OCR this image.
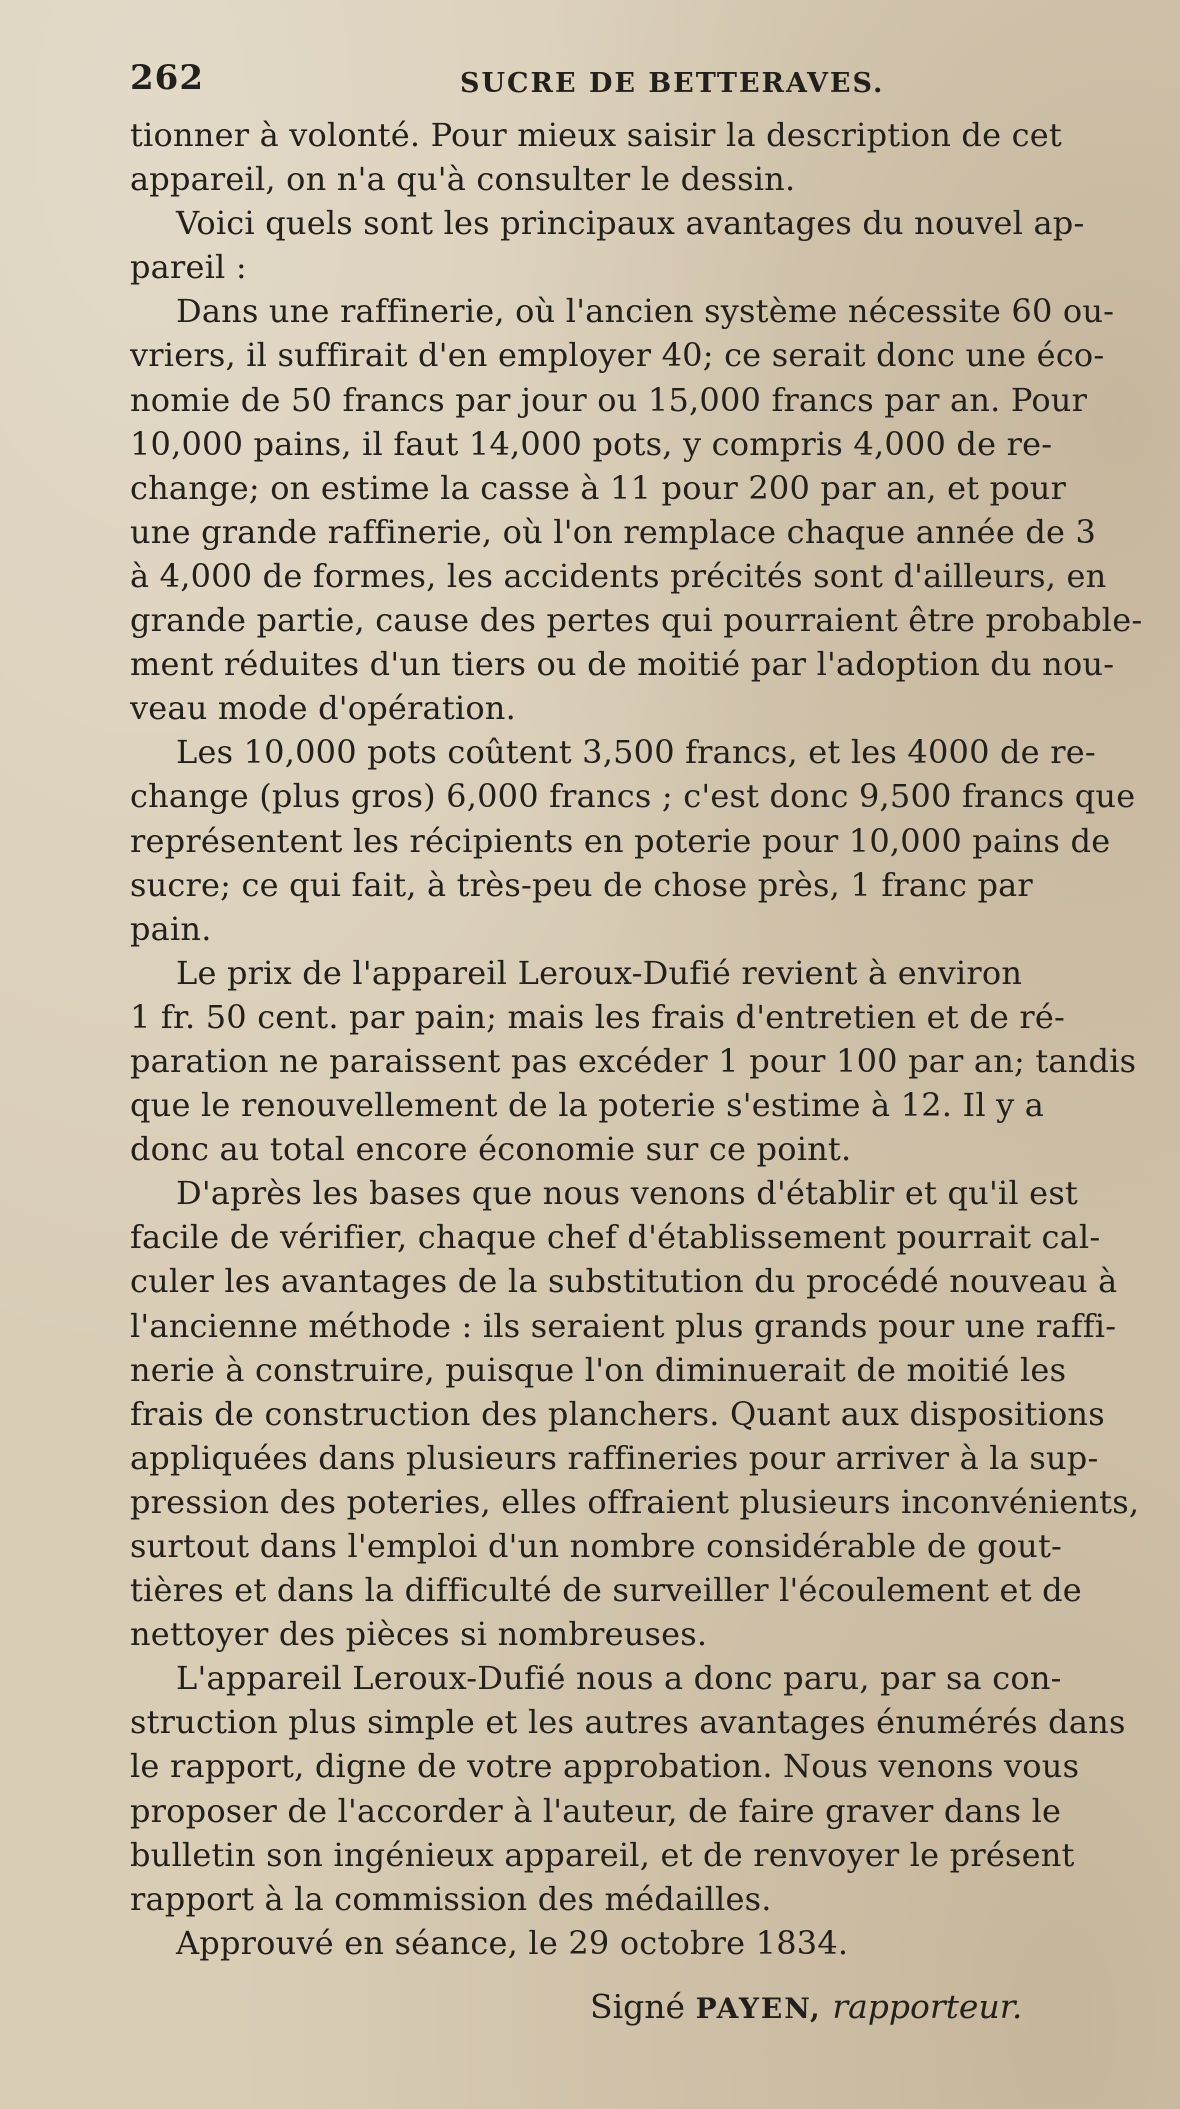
262	SUCRE DE BETTERAVES.
tionner à volonté. Pour mieux saisir la description de cet
appareil, on n'a qu'à consulter le dessin.
Voici quels sont les principaux avantages du nouvel ap-
pareil :
Dans une raffinerie, où l'ancien système nécessite 60 ou-
vriers, il suffirait d'en employer 40; ce serait donc une éco-
nomie de 50 francs par jour ou 15,000 francs par an. Pour
10,000 pains, il faut 14,000 pots, y compris 4,000 de re-
change; on estime la casse à 11 pour 200 par an, et pour
une grande raffinerie, où l'on remplace chaque année de 3
à 4,000 de formes, les accidents précités sont d'ailleurs, en
grande partie, cause des pertes qui pourraient être probable-
ment réduites d'un tiers ou de moitié par l'adoption du nou-
veau mode d'opération.
Les 10,000 pots coûtent 3,500 francs, et les 4000 de re-
change (plus gros) 6,000 francs ; c'est donc 9,500 francs que
représentent les récipients en poterie pour 10,000 pains de
sucre; ce qui fait, à très-peu de chose près, 1 franc par
pain.
Le prix de l'appareil Leroux-Dufié revient à environ
1 fr. 50 cent. par pain; mais les frais d'entretien et de ré-
paration ne paraissent pas excéder 1 pour 100 par an; tandis
que le renouvellement de la poterie s'estime à 12. Il y a
donc au total encore économie sur ce point.
D'après les bases que nous venons d'établir et qu'il est
facile de vérifier, chaque chef d'établissement pourrait cal-
culer les avantages de la substitution du procédé nouveau à
l'ancienne méthode : ils seraient plus grands pour une raffi-
nerie à construire, puisque l'on diminuerait de moitié les
frais de construction des planchers. Quant aux dispositions
appliquées dans plusieurs raffineries pour arriver à la sup-
pression des poteries, elles offraient plusieurs inconvénients,
surtout dans l'emploi d'un nombre considérable de gout-
tières et dans la difficulté de surveiller l'écoulement et de
nettoyer des pièces si nombreuses.
L'appareil Leroux-Dufié nous a donc paru, par sa con-
struction plus simple et les autres avantages énumérés dans
le rapport, digne de votre approbation. Nous venons vous
proposer de l'accorder à l'auteur, de faire graver dans le
bulletin son ingénieux appareil, et de renvoyer le présent
rapport à la commission des médailles.
Approuvé en séance, le 29 octobre 1834.
Signé PAYEN, rapporteur.
